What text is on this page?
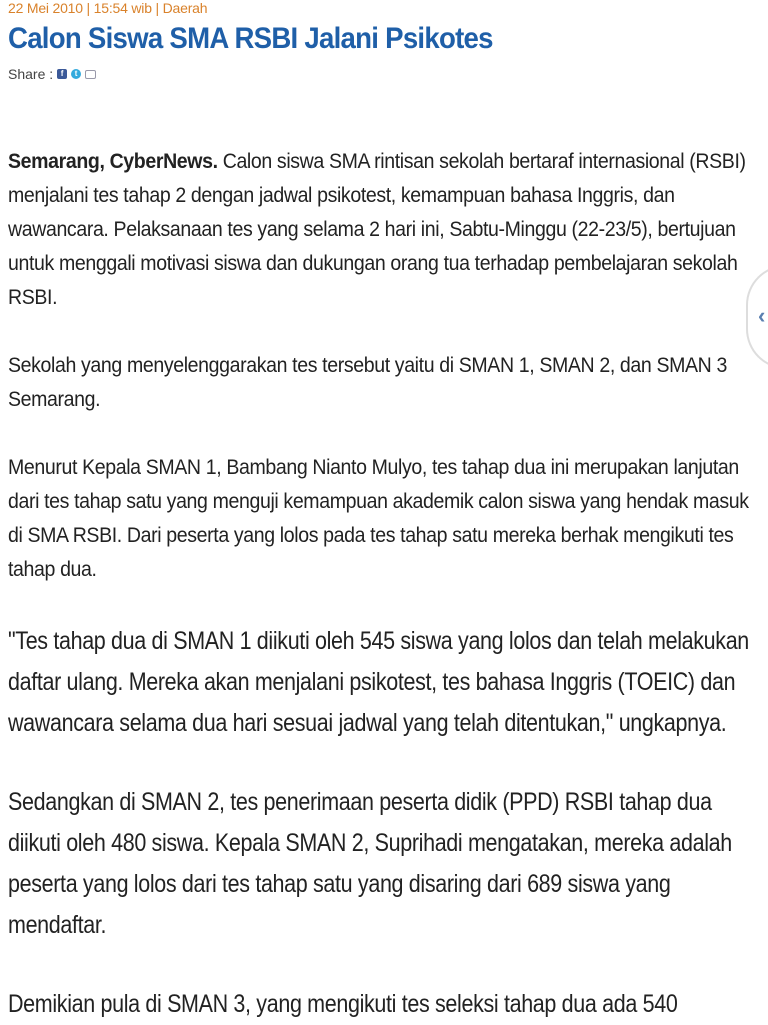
22 Mei 2010 | 15:54 wib | Daerah
Calon Siswa SMA RSBI Jalani Psikotes
Share : f	t

Semarang, CyberNews. Calon siswa SMA rintisan sekolah bertaraf internasional (RSBI) menjalani tes tahap 2 dengan jadwal psikotest, kemampuan bahasa Inggris, dan wawancara. Pelaksanaan tes yang selama 2 hari ini, Sabtu-Minggu (22-23/5), bertujuan untuk menggali motivasi siswa dan dukungan orang tua terhadap pembelajaran sekolah RSBI.

Sekolah yang menyelenggarakan tes tersebut yaitu di SMAN 1, SMAN 2, dan SMAN 3 Semarang.

Menurut Kepala SMAN 1, Bambang Nianto Mulyo, tes tahap dua ini merupakan lanjutan dari tes tahap satu yang menguji kemampuan akademik calon siswa yang hendak masuk di SMA RSBI. Dari peserta yang lolos pada tes tahap satu mereka berhak mengikuti tes tahap dua.

"Tes tahap dua di SMAN 1 diikuti oleh 545 siswa yang lolos dan telah melakukan daftar ulang. Mereka akan menjalani psikotest, tes bahasa Inggris (TOEIC) dan wawancara selama dua hari sesuai jadwal yang telah ditentukan," ungkapnya.

Sedangkan di SMAN 2, tes penerimaan peserta didik (PPD) RSBI tahap dua diikuti oleh 480 siswa. Kepala SMAN 2, Suprihadi mengatakan, mereka adalah peserta yang lolos dari tes tahap satu yang disaring dari 689 siswa yang mendaftar.

Demikian pula di SMAN 3, yang mengikuti tes seleksi tahap dua ada 540

‹
